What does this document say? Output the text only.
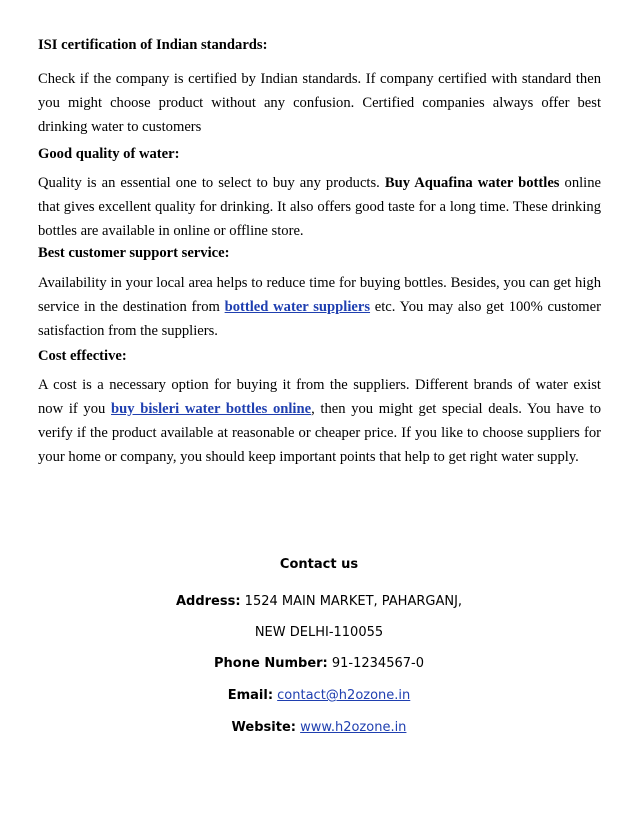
ISI certification of Indian standards:
Check if the company is certified by Indian standards. If company certified with standard then you might choose product without any confusion. Certified companies always offer best drinking water to customers
Good quality of water:
Quality is an essential one to select to buy any products. Buy Aquafina water bottles online that gives excellent quality for drinking. It also offers good taste for a long time. These drinking bottles are available in online or offline store.
Best customer support service:
Availability in your local area helps to reduce time for buying bottles. Besides, you can get high service in the destination from bottled water suppliers etc. You may also get 100% customer satisfaction from the suppliers.
Cost effective:
A cost is a necessary option for buying it from the suppliers. Different brands of water exist now if you buy bisleri water bottles online, then you might get special deals. You have to verify if the product available at reasonable or cheaper price. If you like to choose suppliers for your home or company, you should keep important points that help to get right water supply.
Contact us
Address: 1524 MAIN MARKET, PAHARGANJ,
NEW DELHI-110055
Phone Number: 91-1234567-0
Email: contact@h2ozone.in
Website: www.h2ozone.in
